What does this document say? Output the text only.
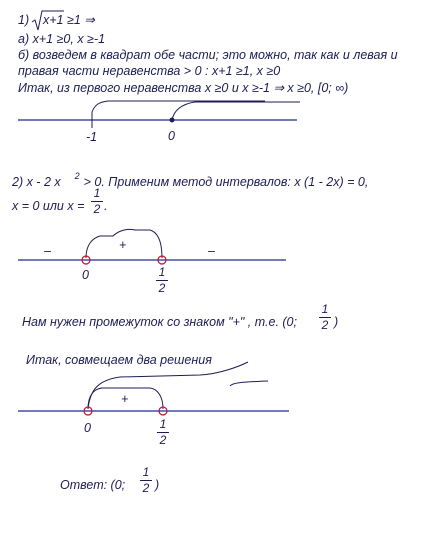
1) x+1 ≥1 ⇒
а) x+1 ≥0, x ≥-1
б) возведем в квадрат обе части; это можно, так как и левая и
правая части неравенства > 0 : x+1 ≥1, x ≥0
Итак, из первого неравенства x ≥0 и x ≥-1 ⇒ x ≥0, [0; ∞)
-1	0
2) x - 2 x $^2$ > 0. Применим метод интервалов: x (1 - 2x) = 0,
x = 0 или x =
1
2 .
–	+	–
0	1
2
Нам нужен промежуток со знаком "+" , т.е. (0;
1
2 )
Итак, совмещаем два решения
+
0	1
2
Ответ: (0;
1
2 )
